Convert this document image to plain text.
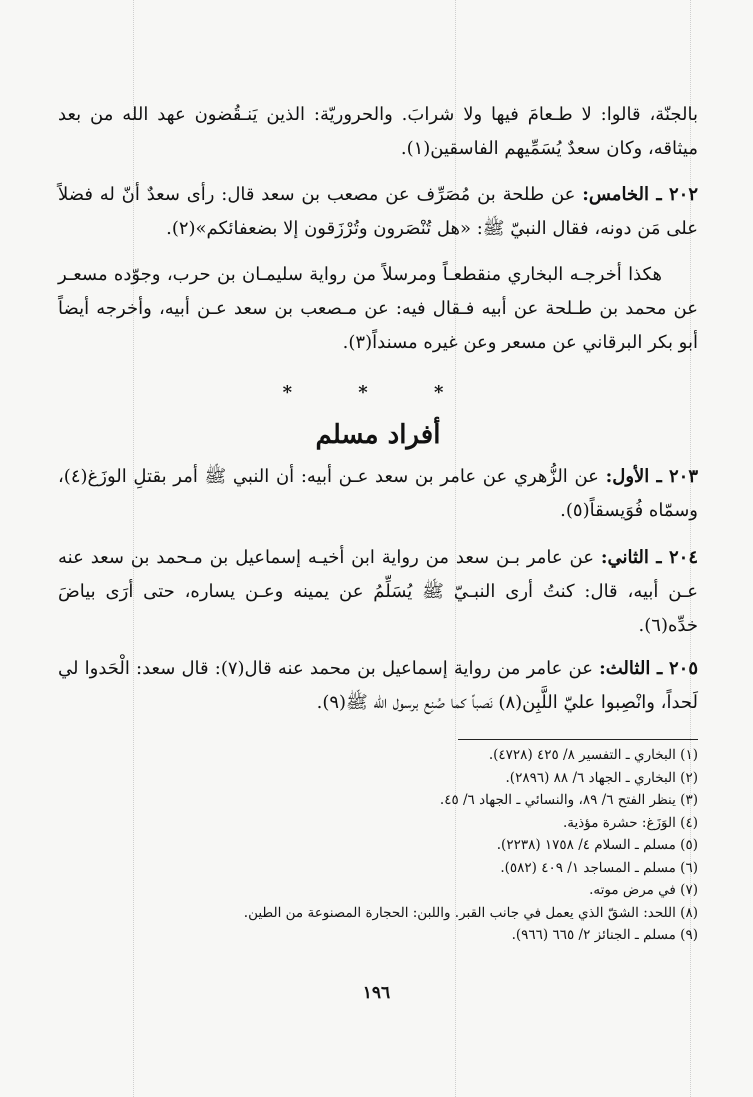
بالجنّة، قالوا: لا طـعامَ فيها ولا شرابَ. والحروريّة: الذين يَنـقُضون عهد الله من بعد ميثاقه، وكان سعدٌ يُسَمِّيهم الفاسقين(١).
٢٠٢ ـ الخامس: عن طلحة بن مُصَرِّف عن مصعب بن سعد قال: رأى سعدٌ أنّ له فضلاً على مَن دونه، فقال النبيّ ﷺ: «هل تُنْصَرون وتُرْزَقون إلا بضعفائكم»(٢).
هكذا أخرجـه البخاري منقطعـاً ومرسلاً من رواية سليمـان بن حرب، وجوّده مسعـر عن محمد بن طـلحة عن أبيه فـقال فيه: عن مـصعب بن سعد عـن أبيه، وأخرجه أيضاً أبو بكر البرقاني عن مسعر وعن غيره مسنداً(٣).
* * *
أفراد مسلم
٢٠٣ ـ الأول: عن الزُّهري عن عامر بن سعد عـن أبيه: أن النبي ﷺ أمر بقتلِ الوزَغ(٤)، وسمّاه فُوَيسقاً(٥).
٢٠٤ ـ الثاني: عن عامر بـن سعد من رواية ابن أخيـه إسماعيل بن مـحمد بن سعد عنه عـن أبيه، قال: كنتُ أرى النبـيّ ﷺ يُسَلِّمُ عن يمينه وعـن يساره، حتى أرَى بياضَ خدِّه(٦).
٢٠٥ ـ الثالث: عن عامر من رواية إسماعيل بن محمد عنه قال(٧): قال سعد: الْحَدوا لي لَحداً، وانْصِبوا عليّ اللَّبِن(٨) نَصباً كما صُنِع برسول الله ﷺ(٩).
(١) البخاري ـ التفسير ٨/ ٤٢٥ (٤٧٢٨).
(٢) البخاري ـ الجهاد ٦/ ٨٨ (٢٨٩٦).
(٣) ينظر الفتح ٦/ ٨٩، والنسائي ـ الجهاد ٦/ ٤٥.
(٤) الوَزَغ: حشرة مؤذية.
(٥) مسلم ـ السلام ٤/ ١٧٥٨ (٢٢٣٨).
(٦) مسلم ـ المساجد ١/ ٤٠٩ (٥٨٢).
(٧) في مرض موته.
(٨) اللحد: الشقّ الذي يعمل في جانب القبر. واللبن: الحجارة المصنوعة من الطين.
(٩) مسلم ـ الجنائز ٢/ ٦٦٥ (٩٦٦).
١٩٦
